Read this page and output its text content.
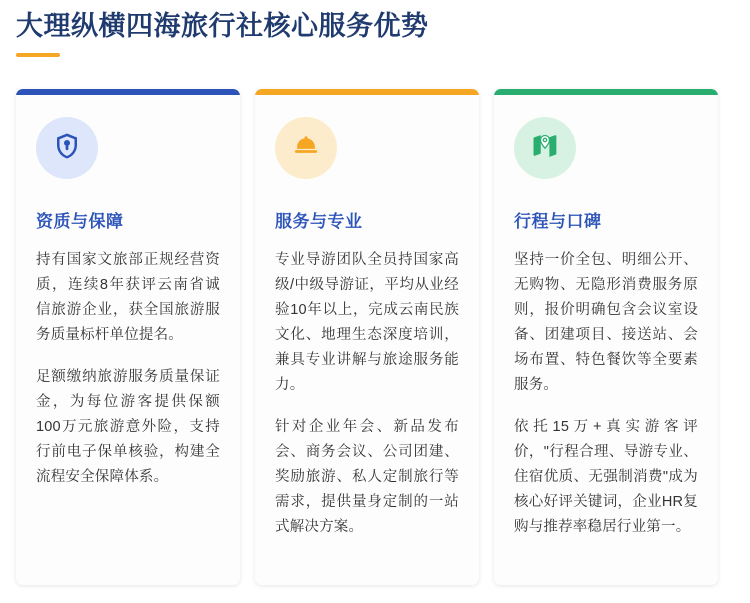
大理纵横四海旅行社核心服务优势
资质与保障

持有国家文旅部正规经营资质，连续8年获评云南省诚信旅游企业，获全国旅游服务质量标杆单位提名。

足额缴纳旅游服务质量保证金，为每位游客提供保额100万元旅游意外险，支持行前电子保单核验，构建全流程安全保障体系。

服务与专业

专业导游团队全员持国家高级/中级导游证，平均从业经验10年以上，完成云南民族文化、地理生态深度培训，兼具专业讲解与旅途服务能力。

针对企业年会、新品发布会、商务会议、公司团建、奖励旅游、私人定制旅行等需求，提供量身定制的一站式解决方案。

行程与口碑

坚持一价全包、明细公开、无购物、无隐形消费服务原则，报价明确包含会议室设备、团建项目、接送站、会场布置、特色餐饮等全要素服务。

依托15万+真实游客评价，"行程合理、导游专业、住宿优质、无强制消费"成为核心好评关键词，企业HR复购与推荐率稳居行业第一。
